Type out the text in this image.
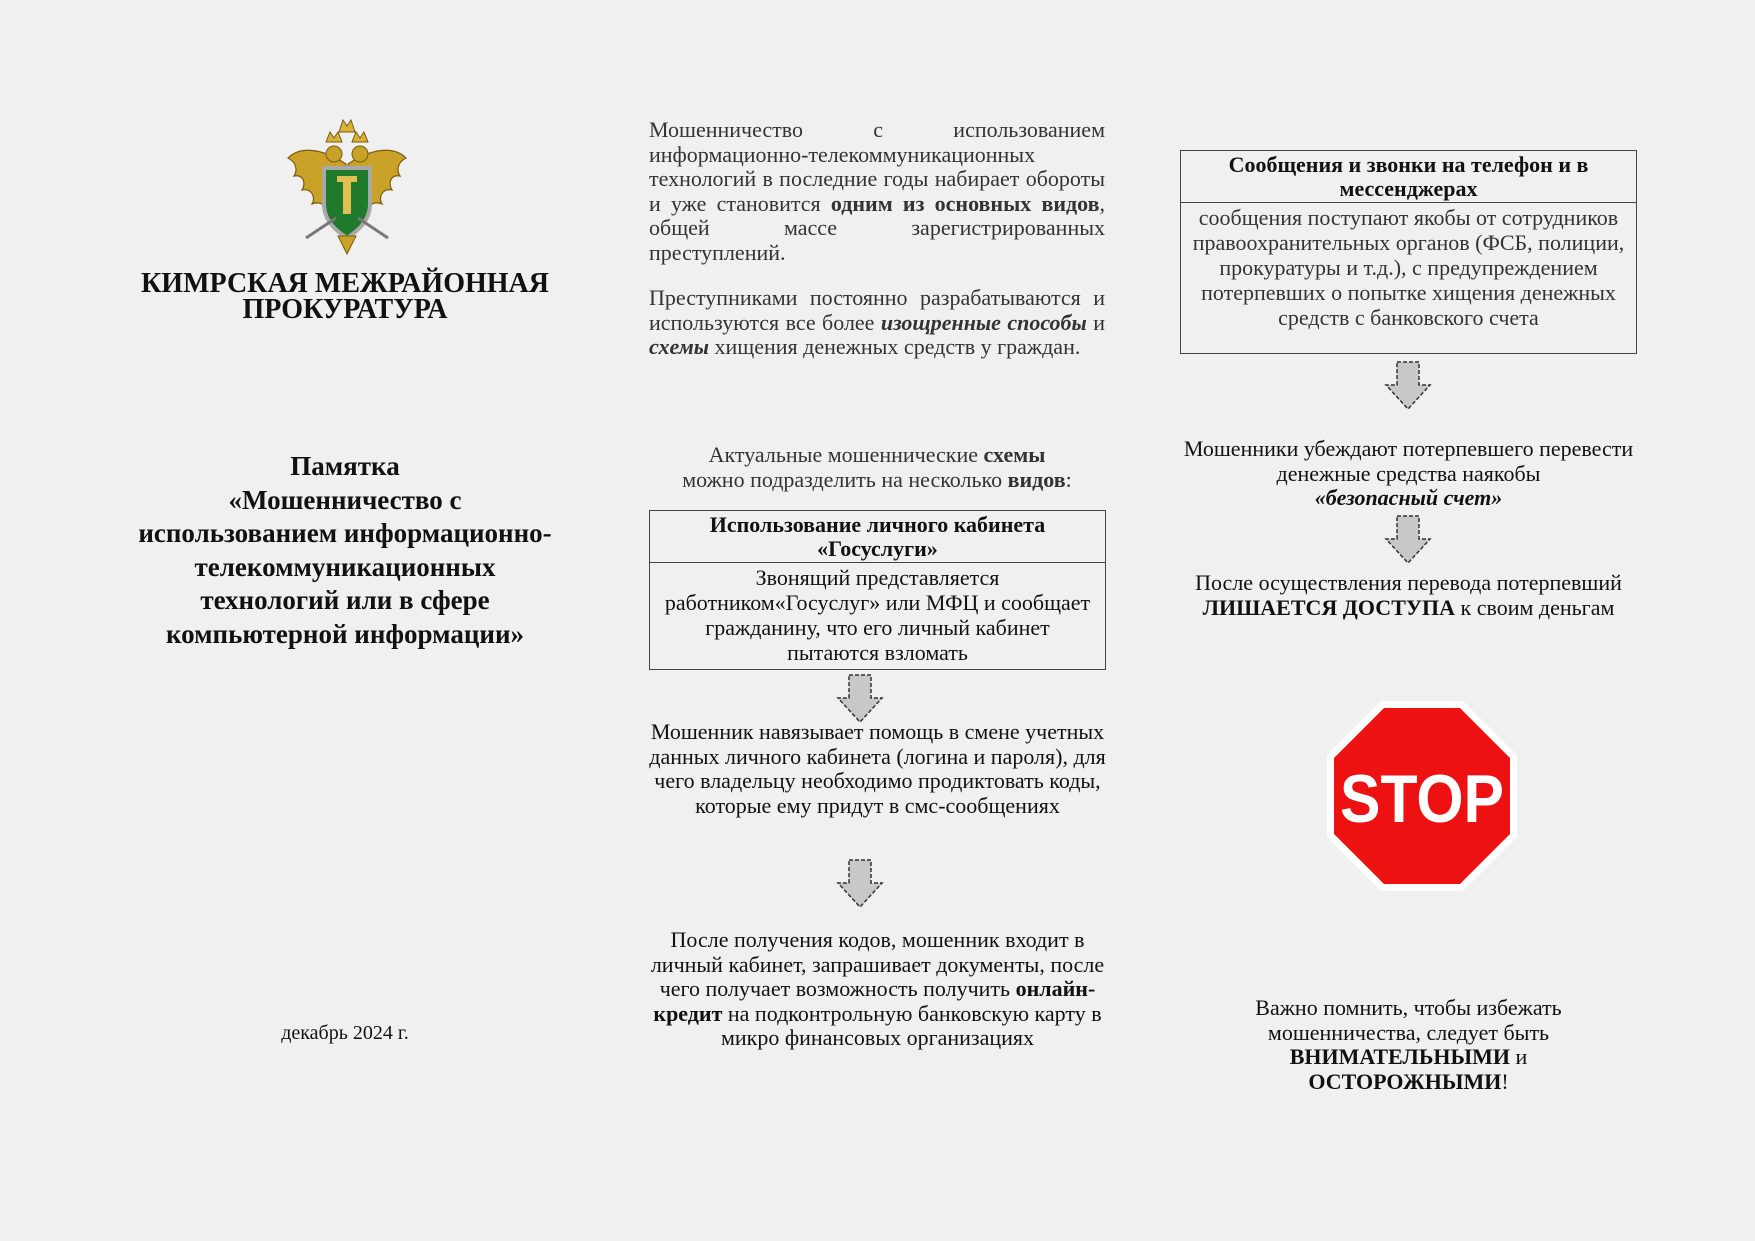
КИМРСКАЯ МЕЖРАЙОННАЯ
ПРОКУРАТУРА
Памятка
«Мошенничество с
использованием информационно-
телекоммуникационных
технологий или в сфере
компьютерной информации»
декабрь 2024 г.

Мошенничество с использованием информационно-телекоммуникационных технологий в последние годы набирает обороты и уже становится одним из основных видов, общей массе зарегистрированных преступлений.

Преступниками постоянно разрабатываются и используются все более изощренные способы и схемы хищения денежных средств у граждан.

Актуальные мошеннические схемы
можно подразделить на несколько видов:
Использование личного кабинета «Госуслуги»
Звонящий представляется работником«Госуслуг» или МФЦ и сообщает гражданину, что его личный кабинет пытаются взломать
Мошенник навязывает помощь в смене учетных данных личного кабинета (логина и пароля), для чего владельцу необходимо продиктовать коды, которые ему придут в смс-сообщениях
После получения кодов, мошенник входит в личный кабинет, запрашивает документы, после чего получает возможность получить онлайн-кредит на подконтрольную банковскую карту в микро финансовых организациях
Сообщения и звонки на телефон и в мессенджерах
сообщения поступают якобы от сотрудников правоохранительных органов (ФСБ, полиции, прокуратуры и т.д.), с предупреждением потерпевших о попытке хищения денежных средств с банковского счета
Мошенники убеждают потерпевшего перевести денежные средства наякобы
«безопасный счет»
После осуществления перевода потерпевший ЛИШАЕТСЯ ДОСТУПА к своим деньгам
STOP
Важно помнить, чтобы избежать мошенничества, следует быть
ВНИМАТЕЛЬНЫМИ и
ОСТОРОЖНЫМИ!
